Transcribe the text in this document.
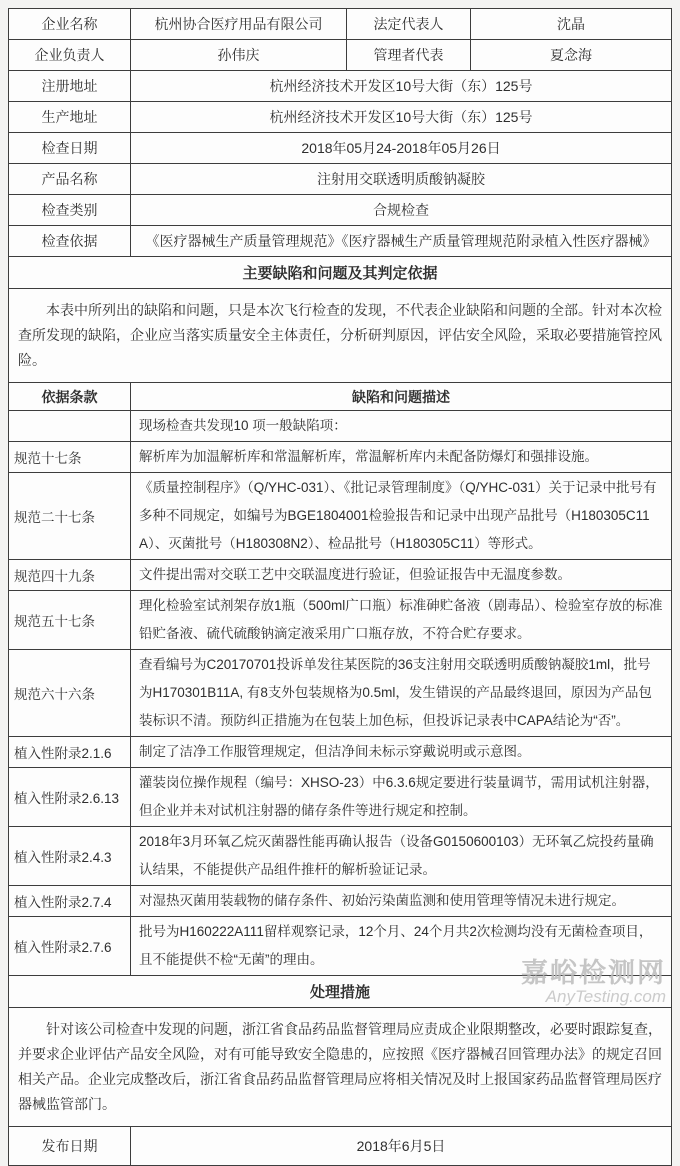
企业名称	杭州协合医疗用品有限公司	法定代表人	沈晶
企业负责人	孙伟庆	管理者代表	夏念海
注册地址	杭州经济技术开发区10号大街（东）125号		
生产地址	杭州经济技术开发区10号大街（东）125号		
检查日期	2018年05月24-2018年05月26日		
产品名称	注射用交联透明质酸钠凝胶		
检查类别	合规检查		
检查依据	《医疗器械生产质量管理规范》《医疗器械生产质量管理规范附录植入性医疗器械》		
主要缺陷和问题及其判定依据			

本表中所列出的缺陷和问题，只是本次飞行检查的发现，不代表企业缺陷和问题的全部。针对本次检查所发现的缺陷，企业应当落实质量安全主体责任，分析研判原因，评估安全风险，采取必要措施管控风险。			

依据条款	缺陷和问题描述		
	现场检查共发现10 项一般缺陷项：		
规范十七条	解析库为加温解析库和常温解析库，常温解析库内未配备防爆灯和强排设施。		
规范二十七条	《质量控制程序》（Q/YHC-031）、《批记录管理制度》（Q/YHC-031）关于记录中批号有多种不同规定，如编号为BGE1804001检验报告和记录中出现产品批号（H180305C11A）、灭菌批号（H180308N2）、检品批号（H180305C11）等形式。		
规范四十九条	文件提出需对交联工艺中交联温度进行验证，但验证报告中无温度参数。		
规范五十七条	理化检验室试剂架存放1瓶（500ml广口瓶）标准砷贮备液（剧毒品）、检验室存放的标准铅贮备液、硫代硫酸钠滴定液采用广口瓶存放，不符合贮存要求。		
规范六十六条	查看编号为C20170701投诉单发往某医院的36支注射用交联透明质酸钠凝胶1ml，批号为H170301B11A, 有8支外包装规格为0.5ml，发生错误的产品最终退回，原因为产品包装标识不清。预防纠正措施为在包装上加色标，但投诉记录表中CAPA结论为“否”。		
植入性附录2.1.6	制定了洁净工作服管理规定，但洁净间未标示穿戴说明或示意图。		
植入性附录2.6.13	灌装岗位操作规程（编号：XHSO-23）中6.3.6规定要进行装量调节，需用试机注射器，但企业并未对试机注射器的储存条件等进行规定和控制。		
植入性附录2.4.3	2018年3月环氧乙烷灭菌器性能再确认报告（设备G0150600103）无环氧乙烷投药量确认结果，不能提供产品组件推杆的解析验证记录。		
植入性附录2.7.4	对湿热灭菌用装载物的储存条件、初始污染菌监测和使用管理等情况未进行规定。		
植入性附录2.7.6	批号为H160222A111留样观察记录，12个月、24个月共2次检测均没有无菌检查项目，且不能提供不检“无菌”的理由。		
处理措施			

针对该公司检查中发现的问题，浙江省食品药品监督管理局应责成企业限期整改，必要时跟踪复查，并要求企业评估产品安全风险，对有可能导致安全隐患的，应按照《医疗器械召回管理办法》的规定召回相关产品。企业完成整改后，浙江省食品药品监督管理局应将相关情况及时上报国家药品监督管理局医疗器械监管部门。			

发布日期	2018年6月5日		
嘉峪检测网
AnyTesting.com
